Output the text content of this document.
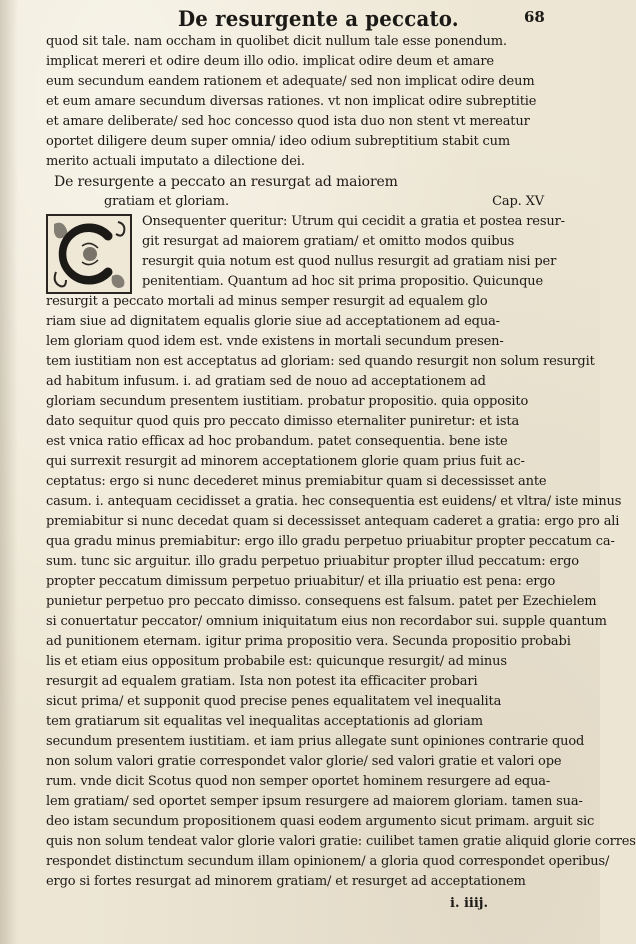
De resurgente a peccato.	68
quod sit tale. nam occham in quolibet dicit nullum tale esse ponendum.
implicat mereri et odire deum illo odio. implicat odire deum et amare
eum secundum eandem rationem et adequate/ sed non implicat odire deum
et eum amare secundum diversas rationes. vt non implicat odire subreptitie
et amare deliberate/ sed hoc concesso quod ista duo non stent vt mereatur
oportet diligere deum super omnia/ ideo odium subreptitium stabit cum
merito actuali imputato a dilectione dei.
De resurgente a peccato an resurgat ad maiorem
gratiam et gloriam.	Cap. XV
Onsequenter queritur: Utrum qui cecidit a gratia et postea resur-
git resurgat ad maiorem gratiam/ et omitto modos quibus
resurgit quia notum est quod nullus resurgit ad gratiam nisi per
penitentiam. Quantum ad hoc sit prima propositio. Quicunque
resurgit a peccato mortali ad minus semper resurgit ad equalem glo
riam siue ad dignitatem equalis glorie siue ad acceptationem ad equa-
lem gloriam quod idem est. vnde existens in mortali secundum presen-
tem iustitiam non est acceptatus ad gloriam: sed quando resurgit non solum resurgit
ad habitum infusum. i. ad gratiam sed de nouo ad acceptationem ad
gloriam secundum presentem iustitiam. probatur propositio. quia opposito
dato sequitur quod quis pro peccato dimisso eternaliter puniretur: et ista
est vnica ratio efficax ad hoc probandum. patet consequentia. bene iste
qui surrexit resurgit ad minorem acceptationem glorie quam prius fuit ac-
ceptatus: ergo si nunc decederet minus premiabitur quam si decessisset ante
casum. i. antequam cecidisset a gratia. hec consequentia est euidens/ et vltra/ iste minus
premiabitur si nunc decedat quam si decessisset antequam caderet a gratia: ergo pro ali
qua gradu minus premiabitur: ergo illo gradu perpetuo priuabitur propter peccatum ca-
sum. tunc sic arguitur. illo gradu perpetuo priuabitur propter illud peccatum: ergo
propter peccatum dimissum perpetuo priuabitur/ et illa priuatio est pena: ergo
punietur perpetuo pro peccato dimisso. consequens est falsum. patet per Ezechielem
si conuertatur peccator/ omnium iniquitatum eius non recordabor sui. supple quantum
ad punitionem eternam. igitur prima propositio vera. Secunda propositio probabi
lis et etiam eius oppositum probabile est: quicunque resurgit/ ad minus
resurgit ad equalem gratiam. Ista non potest ita efficaciter probari
sicut prima/ et supponit quod precise penes equalitatem vel inequalita
tem gratiarum sit equalitas vel inequalitas acceptationis ad gloriam
secundum presentem iustitiam. et iam prius allegate sunt opiniones contrarie quod
non solum valori gratie correspondet valor glorie/ sed valori gratie et valori ope
rum. vnde dicit Scotus quod non semper oportet hominem resurgere ad equa-
lem gratiam/ sed oportet semper ipsum resurgere ad maiorem gloriam. tamen sua-
deo istam secundum propositionem quasi eodem argumento sicut primam. arguit sic
quis non solum tendeat valor glorie valori gratie: cuilibet tamen gratie aliquid glorie corres
respondet distinctum secundum illam opinionem/ a gloria quod correspondet operibus/
ergo si fortes resurgat ad minorem gratiam/ et resurget ad acceptationem
i. iiij.
